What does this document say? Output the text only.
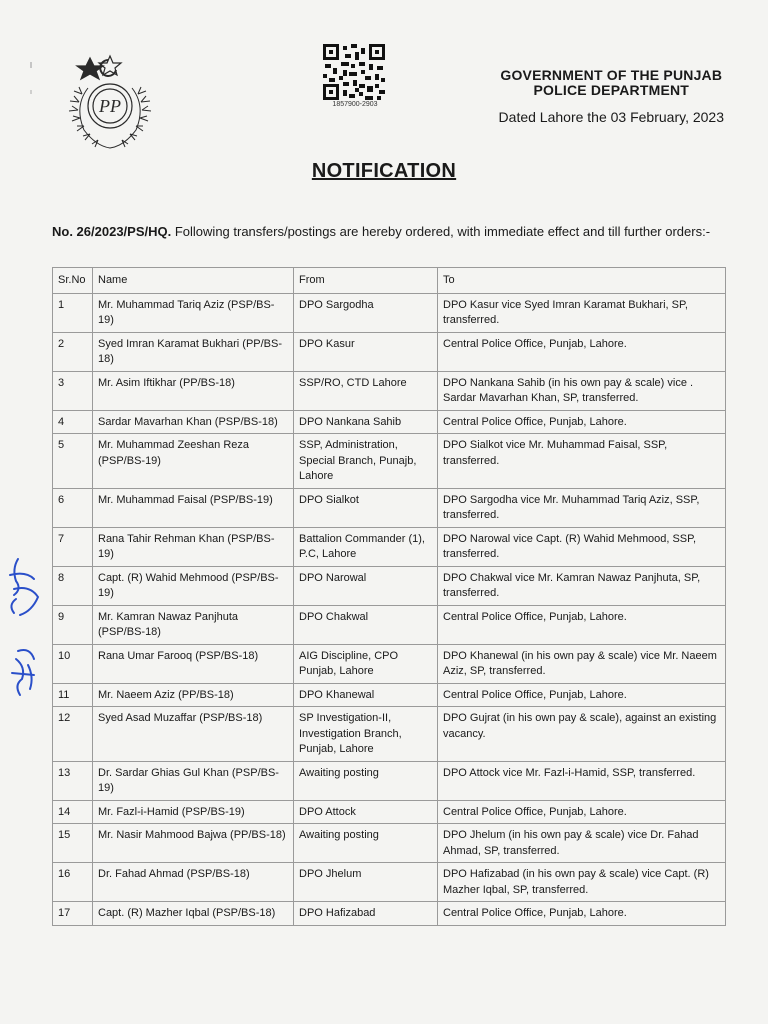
PP	1857900-2903
GOVERNMENT OF THE PUNJAB
POLICE DEPARTMENT
Dated Lahore the 03 February, 2023
NOTIFICATION
No. 26/2023/PS/HQ. Following transfers/postings are hereby ordered, with immediate effect and till further orders:-
Sr.No	Name	From	To
1	Mr. Muhammad Tariq Aziz (PSP/BS-19)	DPO Sargodha	DPO Kasur vice Syed Imran Karamat Bukhari, SP, transferred.
2	Syed Imran Karamat Bukhari (PP/BS-18)	DPO Kasur	Central Police Office, Punjab, Lahore.
3	Mr. Asim Iftikhar (PP/BS-18)	SSP/RO, CTD Lahore	DPO Nankana Sahib (in his own pay & scale) vice . Sardar Mavarhan Khan, SP, transferred.
4	Sardar Mavarhan Khan (PSP/BS-18)	DPO Nankana Sahib	Central Police Office, Punjab, Lahore.
5	Mr. Muhammad Zeeshan Reza (PSP/BS-19)	SSP, Administration, Special Branch, Punajb, Lahore	DPO Sialkot vice Mr. Muhammad Faisal, SSP, transferred.
6	Mr. Muhammad Faisal (PSP/BS-19)	DPO Sialkot	DPO Sargodha vice Mr. Muhammad Tariq Aziz, SSP, transferred.
7	Rana Tahir Rehman Khan (PSP/BS-19)	Battalion Commander (1), P.C, Lahore	DPO Narowal vice Capt. (R) Wahid Mehmood, SSP, transferred.
8	Capt. (R) Wahid Mehmood (PSP/BS-19)	DPO Narowal	DPO Chakwal vice Mr. Kamran Nawaz Panjhuta, SP, transferred.
9	Mr. Kamran Nawaz Panjhuta (PSP/BS-18)	DPO Chakwal	Central Police Office, Punjab, Lahore.
10	Rana Umar Farooq (PSP/BS-18)	AIG Discipline, CPO Punjab, Lahore	DPO Khanewal (in his own pay & scale) vice Mr. Naeem Aziz, SP, transferred.
11	Mr. Naeem Aziz (PP/BS-18)	DPO Khanewal	Central Police Office, Punjab, Lahore.
12	Syed Asad Muzaffar (PSP/BS-18)	SP Investigation-II, Investigation Branch, Punjab, Lahore	DPO Gujrat (in his own pay & scale), against an existing vacancy.
13	Dr. Sardar Ghias Gul Khan (PSP/BS-19)	Awaiting posting	DPO Attock vice Mr. Fazl-i-Hamid, SSP, transferred.
14	Mr. Fazl-i-Hamid (PSP/BS-19)	DPO Attock	Central Police Office, Punjab, Lahore.
15	Mr. Nasir Mahmood Bajwa (PP/BS-18)	Awaiting posting	DPO Jhelum (in his own pay & scale) vice Dr. Fahad Ahmad, SP, transferred.
16	Dr. Fahad Ahmad (PSP/BS-18)	DPO Jhelum	DPO Hafizabad (in his own pay & scale) vice Capt. (R) Mazher Iqbal, SP, transferred.
17	Capt. (R) Mazher Iqbal (PSP/BS-18)	DPO Hafizabad	Central Police Office, Punjab, Lahore.
